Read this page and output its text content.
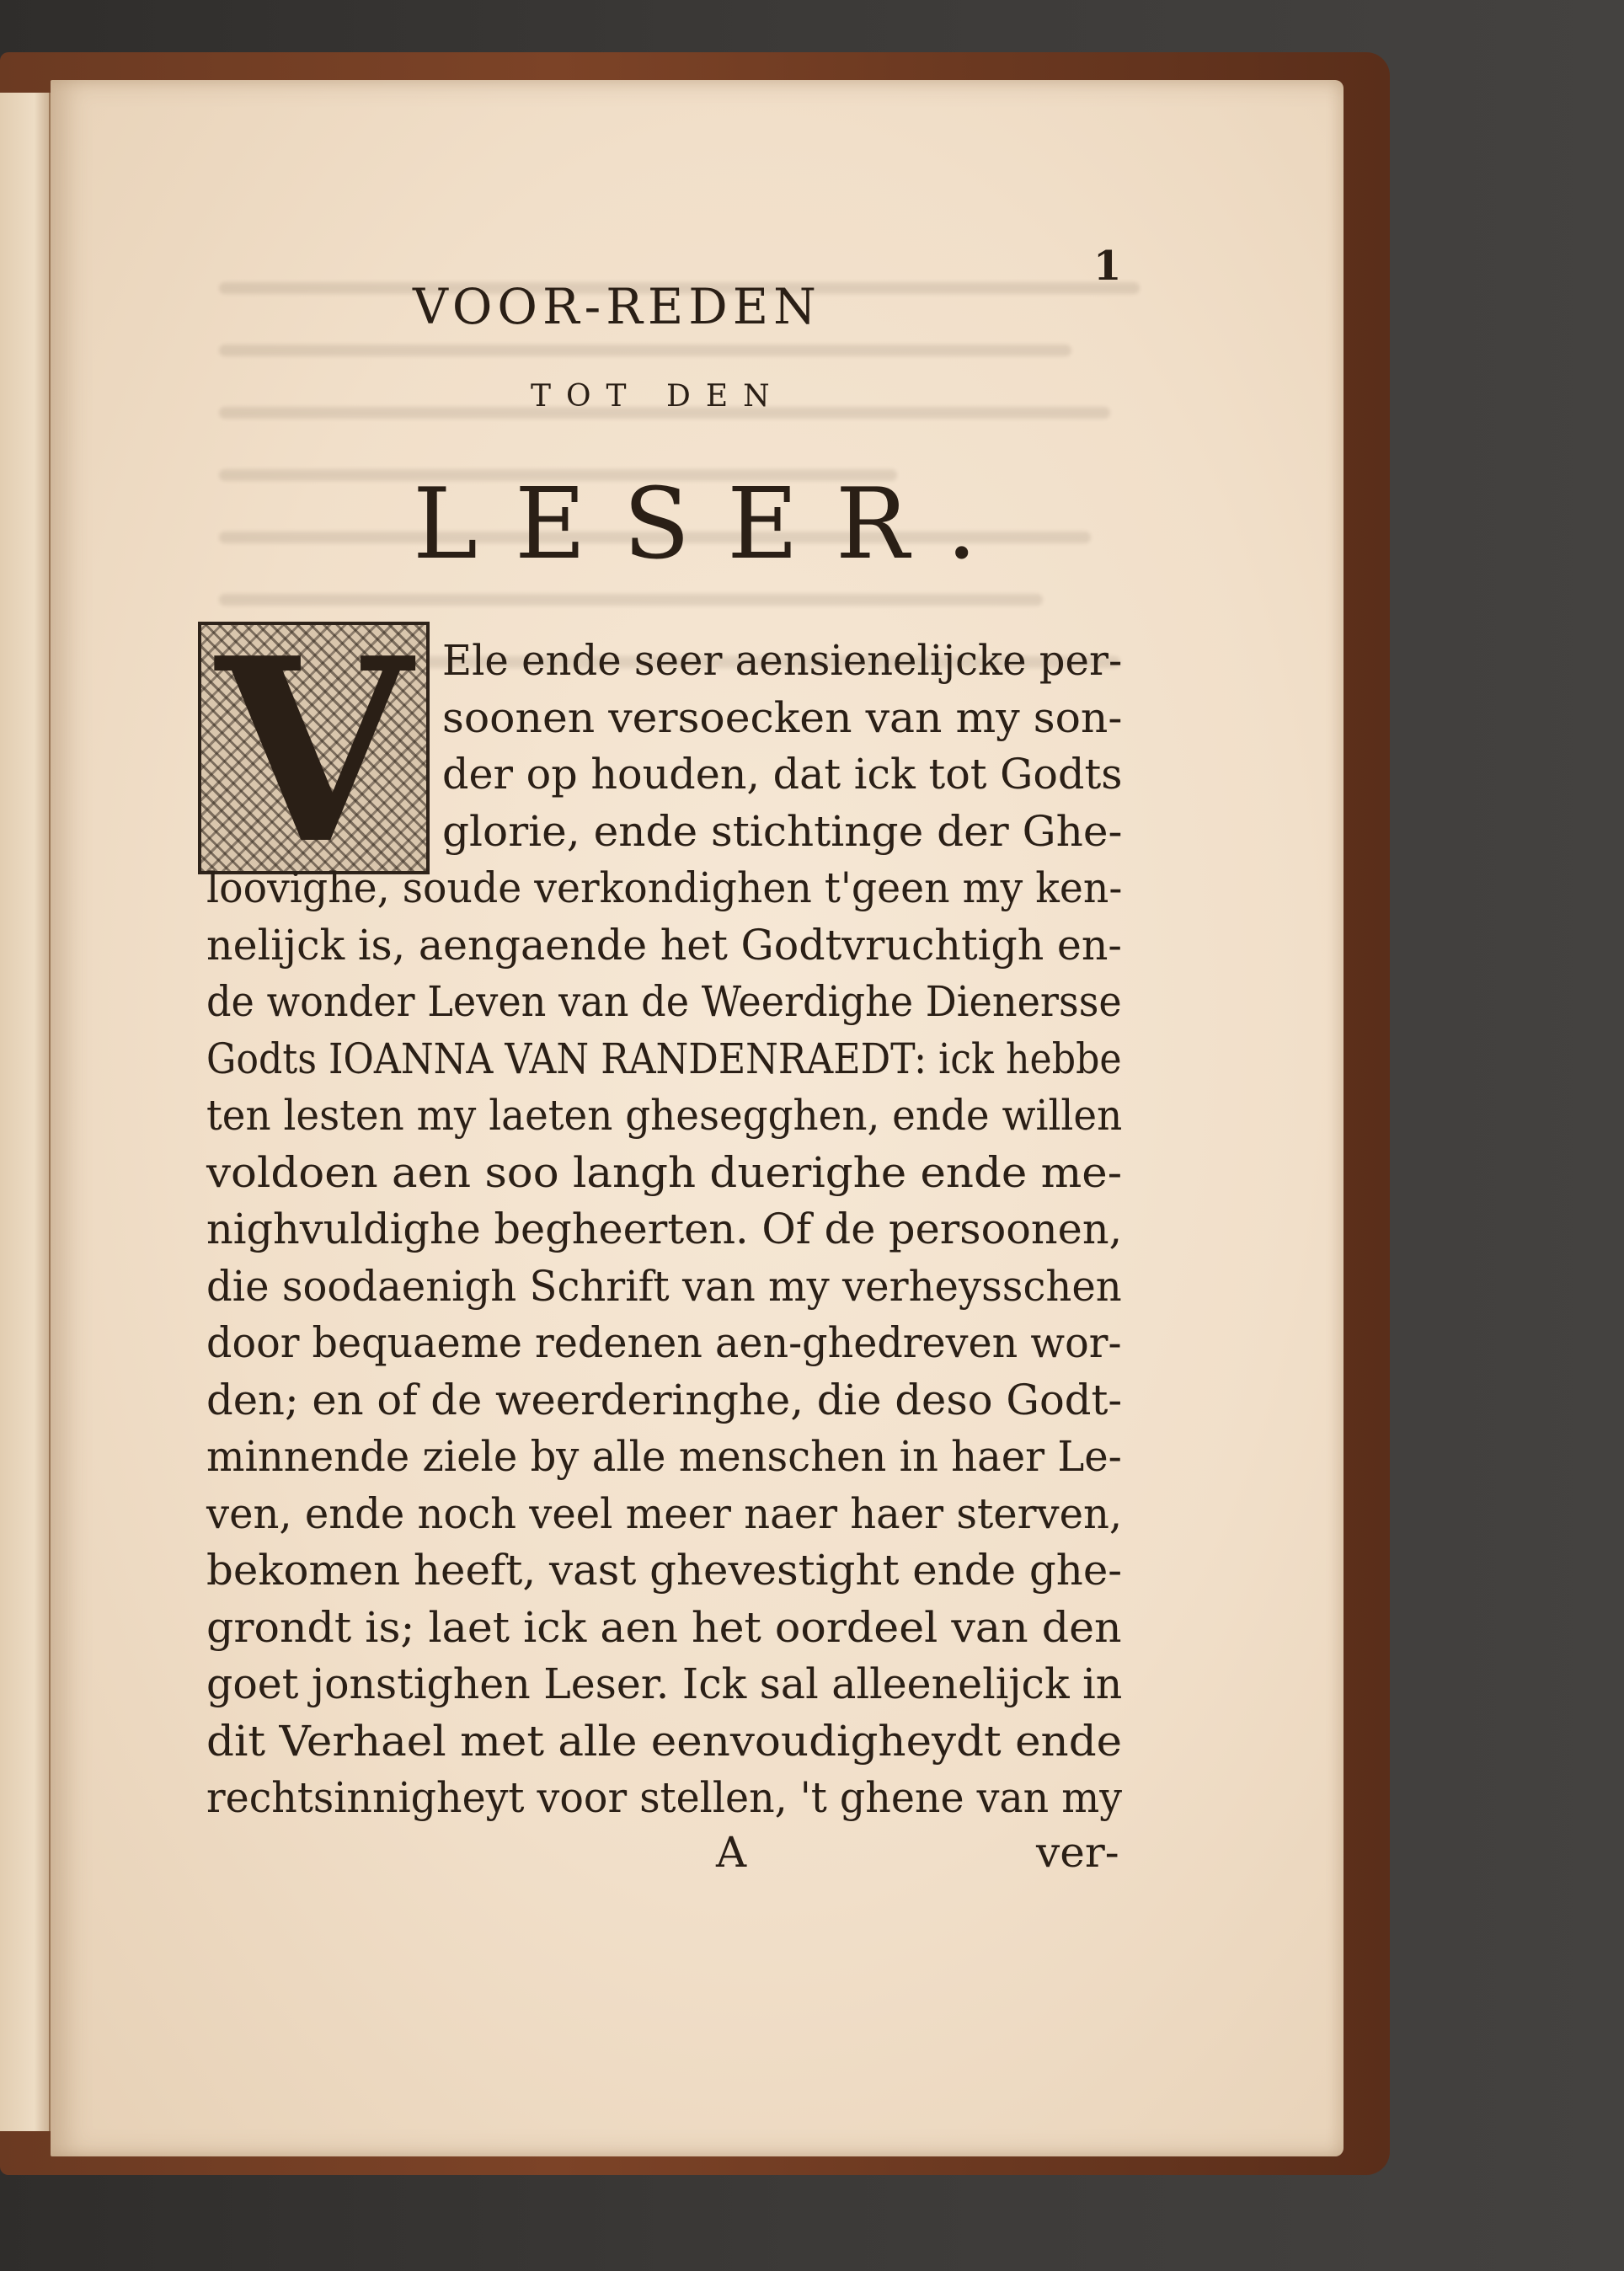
1
VOOR-REDEN
TOT DEN
LESER.
V Ele ende seer aensienelijcke per-
soonen versoecken van my son-
der op houden, dat ick tot Godts
glorie, ende stichtinge der Ghe-
loovighe, soude verkondighen t'geen my ken-
nelijck is, aengaende het Godtvruchtigh en-
de wonder Leven van de Weerdighe Dienersse
Godts IOANNA VAN RANDENRAEDT: ick hebbe
ten lesten my laeten ghesegghen, ende willen
voldoen aen soo langh duerighe ende me-
nighvuldighe begheerten. Of de persoonen,
die soodaenigh Schrift van my verheysschen
door bequaeme redenen aen-ghedreven wor-
den; en of de weerderinghe, die deso Godt-
minnende ziele by alle menschen in haer Le-
ven, ende noch veel meer naer haer sterven,
bekomen heeft, vast ghevestight ende ghe-
grondt is; laet ick aen het oordeel van den
goet jonstighen Leser. Ick sal alleenelijck in
dit Verhael met alle eenvoudigheydt ende
rechtsinnigheyt voor stellen, 't ghene van my
A	ver-
